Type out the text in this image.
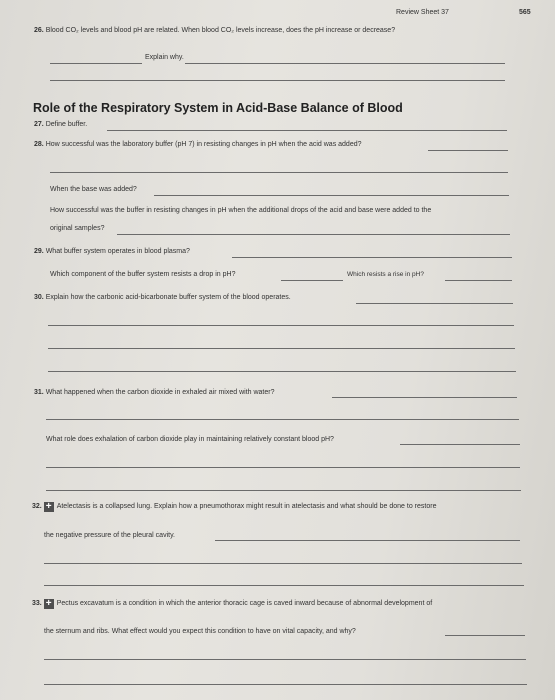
Review Sheet 37	565
26. Blood CO₂ levels and blood pH are related. When blood CO₂ levels increase, does the pH increase or decrease?
Explain why.
Role of the Respiratory System in Acid-Base Balance of Blood
27. Define buffer.
28. How successful was the laboratory buffer (pH 7) in resisting changes in pH when the acid was added?
When the base was added?
How successful was the buffer in resisting changes in pH when the additional drops of the acid and base were added to the
original samples?
29. What buffer system operates in blood plasma?
Which component of the buffer system resists a drop in pH?	Which resists a rise in pH?
30. Explain how the carbonic acid-bicarbonate buffer system of the blood operates.
31. What happened when the carbon dioxide in exhaled air mixed with water?
What role does exhalation of carbon dioxide play in maintaining relatively constant blood pH?
32. + Atelectasis is a collapsed lung. Explain how a pneumothorax might result in atelectasis and what should be done to restore
the negative pressure of the pleural cavity.
33. + Pectus excavatum is a condition in which the anterior thoracic cage is caved inward because of abnormal development of
the sternum and ribs. What effect would you expect this condition to have on vital capacity, and why?
